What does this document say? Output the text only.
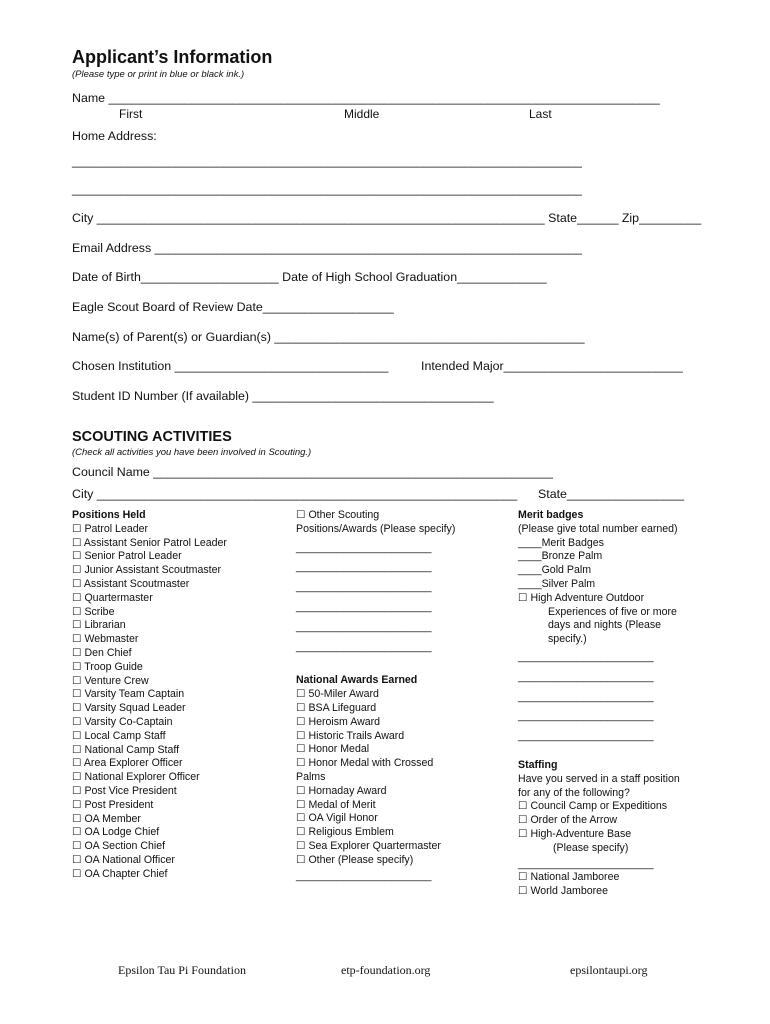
Applicant’s Information
(Please type or print in blue or black ink.)
Name ________________________________________________________________________________
First	Middle	Last
Home Address:
__________________________________________________________________________
__________________________________________________________________________
City _________________________________________________________________ State______ Zip_________
Email Address ______________________________________________________________
Date of Birth____________________ Date of High School Graduation_____________
Eagle Scout Board of Review Date___________________
Name(s) of Parent(s) or Guardian(s) _____________________________________________
Chosen Institution _______________________________	Intended Major__________________________
Student ID Number (If available) ___________________________________
SCOUTING ACTIVITIES
(Check all activities you have been involved in Scouting.)
Council Name __________________________________________________________
City _____________________________________________________________ State_________________
Positions Held
☐ Patrol Leader
☐ Assistant Senior Patrol Leader
☐ Senior Patrol Leader
☐ Junior Assistant Scoutmaster
☐ Assistant Scoutmaster
☐ Quartermaster
☐ Scribe
☐ Librarian
☐ Webmaster
☐ Den Chief
☐ Troop Guide
☐ Venture Crew
☐ Varsity Team Captain
☐ Varsity Squad Leader
☐ Varsity Co-Captain
☐ Local Camp Staff
☐ National Camp Staff
☐ Area Explorer Officer
☐ National Explorer Officer
☐ Post Vice President
☐ Post President
☐ OA Member
☐ OA Lodge Chief
☐ OA Section Chief
☐ OA National Officer
☐ OA Chapter Chief
☐ Other Scouting
Positions/Awards (Please specify)
_______________________
_______________________
_______________________
_______________________
_______________________
_______________________
National Awards Earned
☐ 50-Miler Award
☐ BSA Lifeguard
☐ Heroism Award
☐ Historic Trails Award
☐ Honor Medal
☐ Honor Medal with Crossed
Palms
☐ Hornaday Award
☐ Medal of Merit
☐ OA Vigil Honor
☐ Religious Emblem
☐ Sea Explorer Quartermaster
☐ Other (Please specify)
_______________________
Merit badges
(Please give total number earned)
____Merit Badges
____Bronze Palm
____Gold Palm
____Silver Palm
☐ High Adventure Outdoor
Experiences of five or more
days and nights (Please
specify.)
_______________________
_______________________
_______________________
_______________________
_______________________
Staffing
Have you served in a staff position
for any of the following?
☐ Council Camp or Expeditions
☐ Order of the Arrow
☐ High-Adventure Base
(Please specify)
_______________________
☐ National Jamboree
☐ World Jamboree
Epsilon Tau Pi Foundation	etp-foundation.org	epsilontaupi.org
